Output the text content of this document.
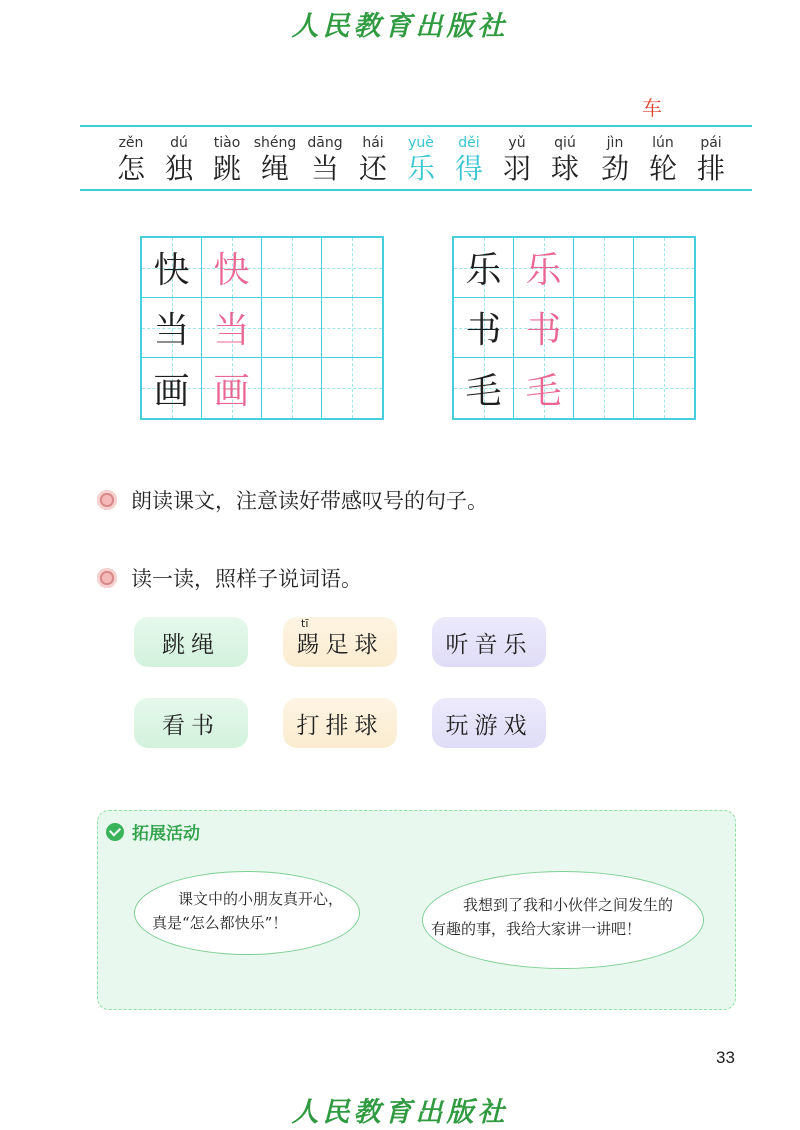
人民教育出版社
车
zěn
怎
dú
独
tiào
跳
shéng
绳
dāng
当
hái
还
yuè
乐
děi
得
yǔ
羽
qiú
球
jìn
劲
lún
轮
pái
排
快 快
当 当
画 画
乐 乐
书 书
毛 毛
朗读课文，注意读好带感叹号的句子。
读一读，照样子说词语。
跳绳
tī
踢足球	听音乐
看书	打排球	玩游戏
拓展活动
课文中的小朋友真开心，
真是“怎么都快乐”！
我想到了我和小伙伴之间发生的
有趣的事，我给大家讲一讲吧！
33
人民教育出版社
